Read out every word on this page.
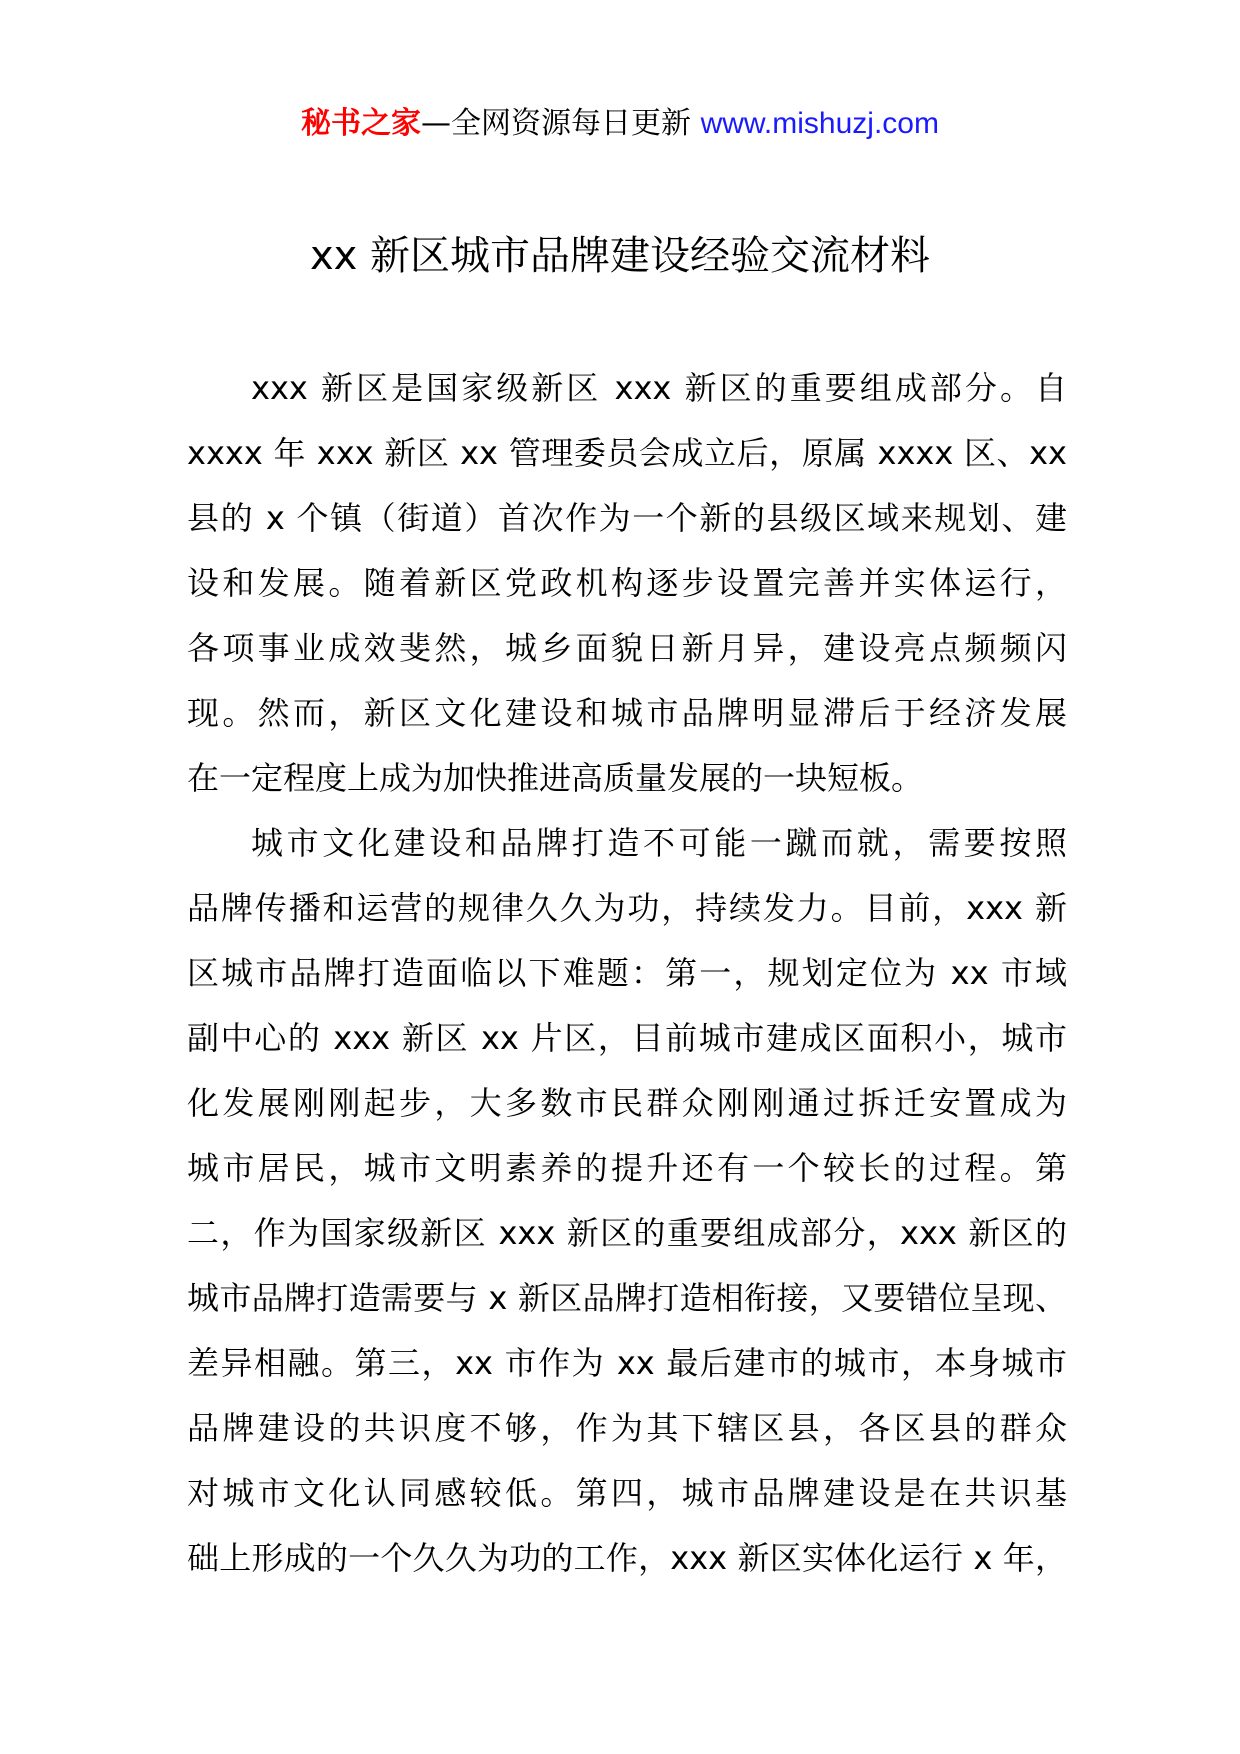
秘书之家—全网资源每日更新 www.mishuzj.com
xx 新区城市品牌建设经验交流材料
xxx 新区是国家级新区 xxx 新区的重要组成部分。自
xxxx 年 xxx 新区 xx 管理委员会成立后，原属 xxxx 区、xx
县的 x 个镇（街道）首次作为一个新的县级区域来规划、建
设和发展。随着新区党政机构逐步设置完善并实体运行，
各项事业成效斐然，城乡面貌日新月异，建设亮点频频闪
现。然而，新区文化建设和城市品牌明显滞后于经济发展
在一定程度上成为加快推进高质量发展的一块短板。
城市文化建设和品牌打造不可能一蹴而就，需要按照
品牌传播和运营的规律久久为功，持续发力。目前，xxx 新
区城市品牌打造面临以下难题：第一，规划定位为 xx 市域
副中心的 xxx 新区 xx 片区，目前城市建成区面积小，城市
化发展刚刚起步，大多数市民群众刚刚通过拆迁安置成为
城市居民，城市文明素养的提升还有一个较长的过程。第
二，作为国家级新区 xxx 新区的重要组成部分，xxx 新区的
城市品牌打造需要与 x 新区品牌打造相衔接，又要错位呈现、
差异相融。第三，xx 市作为 xx 最后建市的城市，本身城市
品牌建设的共识度不够，作为其下辖区县，各区县的群众
对城市文化认同感较低。第四，城市品牌建设是在共识基
础上形成的一个久久为功的工作，xxx 新区实体化运行 x 年，
